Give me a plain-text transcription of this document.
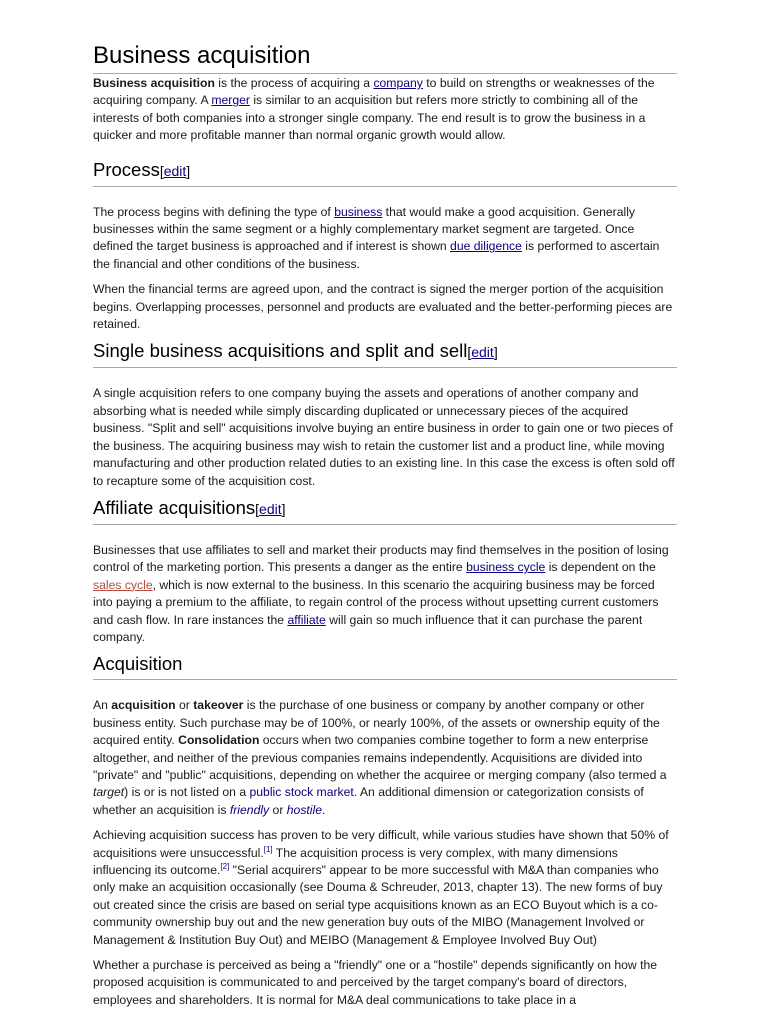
Business acquisition

Business acquisition is the process of acquiring a company to build on strengths or weaknesses of the acquiring company. A merger is similar to an acquisition but refers more strictly to combining all of the interests of both companies into a stronger single company. The end result is to grow the business in a quicker and more profitable manner than normal organic growth would allow.

Process[edit]

The process begins with defining the type of business that would make a good acquisition. Generally businesses within the same segment or a highly complementary market segment are targeted. Once defined the target business is approached and if interest is shown due diligence is performed to ascertain the financial and other conditions of the business.

When the financial terms are agreed upon, and the contract is signed the merger portion of the acquisition begins. Overlapping processes, personnel and products are evaluated and the better-performing pieces are retained.

Single business acquisitions and split and sell[edit]

A single acquisition refers to one company buying the assets and operations of another company and absorbing what is needed while simply discarding duplicated or unnecessary pieces of the acquired business. "Split and sell" acquisitions involve buying an entire business in order to gain one or two pieces of the business. The acquiring business may wish to retain the customer list and a product line, while moving manufacturing and other production related duties to an existing line. In this case the excess is often sold off to recapture some of the acquisition cost.

Affiliate acquisitions[edit]

Businesses that use affiliates to sell and market their products may find themselves in the position of losing control of the marketing portion. This presents a danger as the entire business cycle is dependent on the sales cycle, which is now external to the business. In this scenario the acquiring business may be forced into paying a premium to the affiliate, to regain control of the process without upsetting current customers and cash flow. In rare instances the affiliate will gain so much influence that it can purchase the parent company.

Acquisition

An acquisition or takeover is the purchase of one business or company by another company or other business entity. Such purchase may be of 100%, or nearly 100%, of the assets or ownership equity of the acquired entity. Consolidation occurs when two companies combine together to form a new enterprise altogether, and neither of the previous companies remains independently. Acquisitions are divided into "private" and "public" acquisitions, depending on whether the acquiree or merging company (also termed a target) is or is not listed on a public stock market. An additional dimension or categorization consists of whether an acquisition is friendly or hostile.

Achieving acquisition success has proven to be very difficult, while various studies have shown that 50% of acquisitions were unsuccessful.[1] The acquisition process is very complex, with many dimensions influencing its outcome.[2] "Serial acquirers" appear to be more successful with M&A than companies who only make an acquisition occasionally (see Douma & Schreuder, 2013, chapter 13). The new forms of buy out created since the crisis are based on serial type acquisitions known as an ECO Buyout which is a co-community ownership buy out and the new generation buy outs of the MIBO (Management Involved or Management & Institution Buy Out) and MEIBO (Management & Employee Involved Buy Out)

Whether a purchase is perceived as being a "friendly" one or a "hostile" depends significantly on how the proposed acquisition is communicated to and perceived by the target company's board of directors, employees and shareholders. It is normal for M&A deal communications to take place in a
